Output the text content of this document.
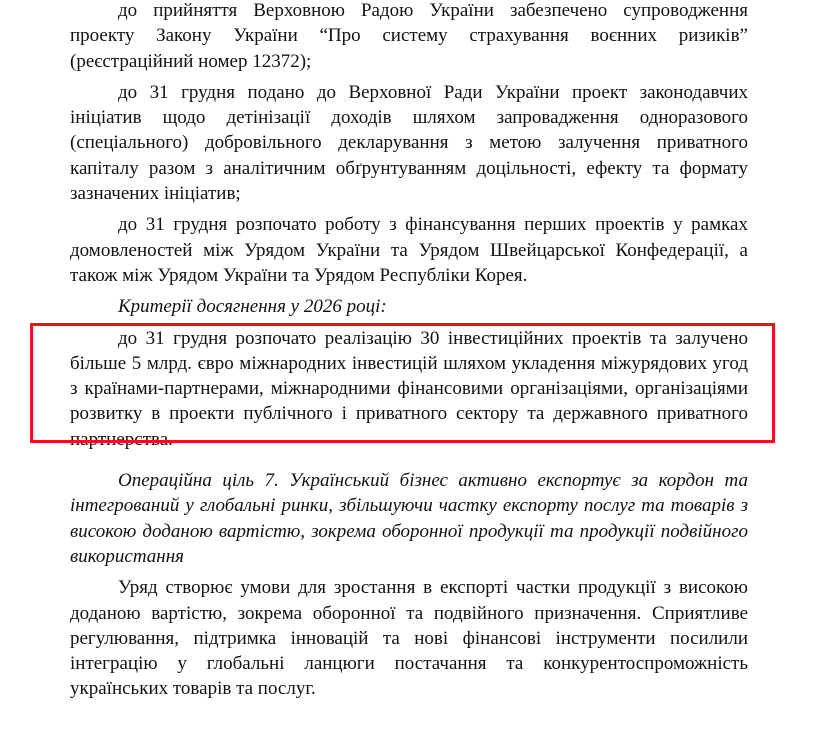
до прийняття Верховною Радою України забезпечено супроводження проекту Закону України “Про систему страхування воєнних ризиків” (реєстраційний номер 12372);

до 31 грудня подано до Верховної Ради України проект законодавчих ініціатив щодо детінізації доходів шляхом запровадження одноразового (спеціального) добровільного декларування з метою залучення приватного капіталу разом з аналітичним обґрунтуванням доцільності, ефекту та формату зазначених ініціатив;

до 31 грудня розпочато роботу з фінансування перших проектів у рамках домовленостей між Урядом України та Урядом Швейцарської Конфедерації, а також між Урядом України та Урядом Республіки Корея.

Критерії досягнення у 2026 році:

до 31 грудня розпочато реалізацію 30 інвестиційних проектів та залучено більше 5 млрд. євро міжнародних інвестицій шляхом укладення міжурядових угод з країнами-партнерами, міжнародними фінансовими організаціями, організаціями розвитку в проекти публічного і приватного сектору та державного приватного партнерства.

Операційна ціль 7. Український бізнес активно експортує за кордон та інтегрований у глобальні ринки, збільшуючи частку експорту послуг та товарів з високою доданою вартістю, зокрема оборонної продукції та продукції подвійного використання

Уряд створює умови для зростання в експорті частки продукції з високою доданою вартістю, зокрема оборонної та подвійного призначення. Сприятливе регулювання, підтримка інновацій та нові фінансові інструменти посилили інтеграцію у глобальні ланцюги постачання та конкурентоспроможність українських товарів та послуг.
